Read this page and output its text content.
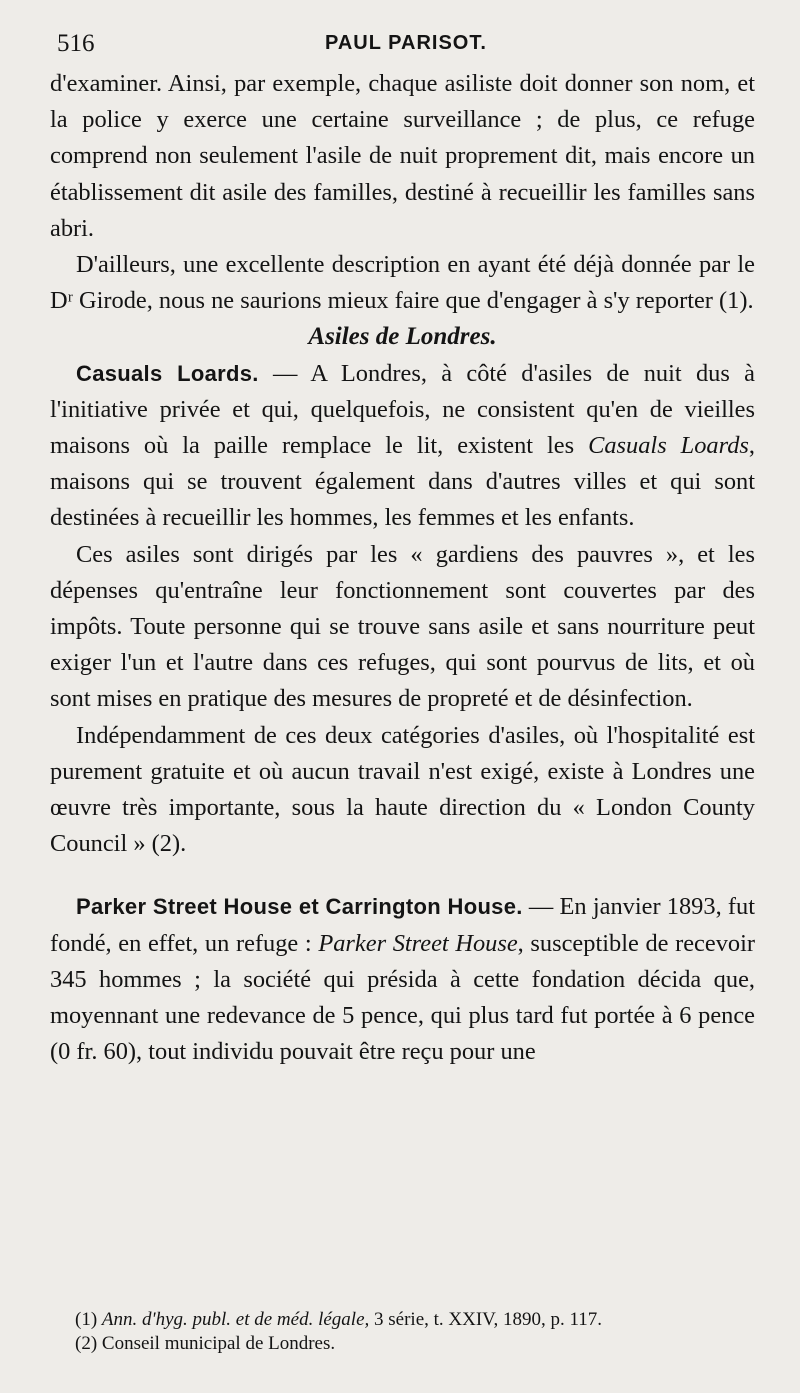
516	PAUL PARISOT.

d'examiner. Ainsi, par exemple, chaque asiliste doit donner son nom, et la police y exerce une certaine surveillance ; de plus, ce refuge comprend non seulement l'asile de nuit proprement dit, mais encore un établissement dit asile des familles, destiné à recueillir les familles sans abri.

D'ailleurs, une excellente description en ayant été déjà donnée par le Dʳ Girode, nous ne saurions mieux faire que d'engager à s'y reporter (1).

Asiles de Londres.

Casuals Loards. — A Londres, à côté d'asiles de nuit dus à l'initiative privée et qui, quelquefois, ne consistent qu'en de vieilles maisons où la paille remplace le lit, existent les Casuals Loards, maisons qui se trouvent également dans d'autres villes et qui sont destinées à recueillir les hommes, les femmes et les enfants.

Ces asiles sont dirigés par les « gardiens des pauvres », et les dépenses qu'entraîne leur fonctionnement sont couvertes par des impôts. Toute personne qui se trouve sans asile et sans nourriture peut exiger l'un et l'autre dans ces refuges, qui sont pourvus de lits, et où sont mises en pratique des mesures de propreté et de désinfection.

Indépendamment de ces deux catégories d'asiles, où l'hospitalité est purement gratuite et où aucun travail n'est exigé, existe à Londres une œuvre très importante, sous la haute direction du « London County Council » (2).

Parker Street House et Carrington House. — En janvier 1893, fut fondé, en effet, un refuge : Parker Street House, susceptible de recevoir 345 hommes ; la société qui présida à cette fondation décida que, moyennant une redevance de 5 pence, qui plus tard fut portée à 6 pence (0 fr. 60), tout individu pouvait être reçu pour une

(1) Ann. d'hyg. publ. et de méd. légale, 3 série, t. XXIV, 1890, p. 117.

(2) Conseil municipal de Londres.
